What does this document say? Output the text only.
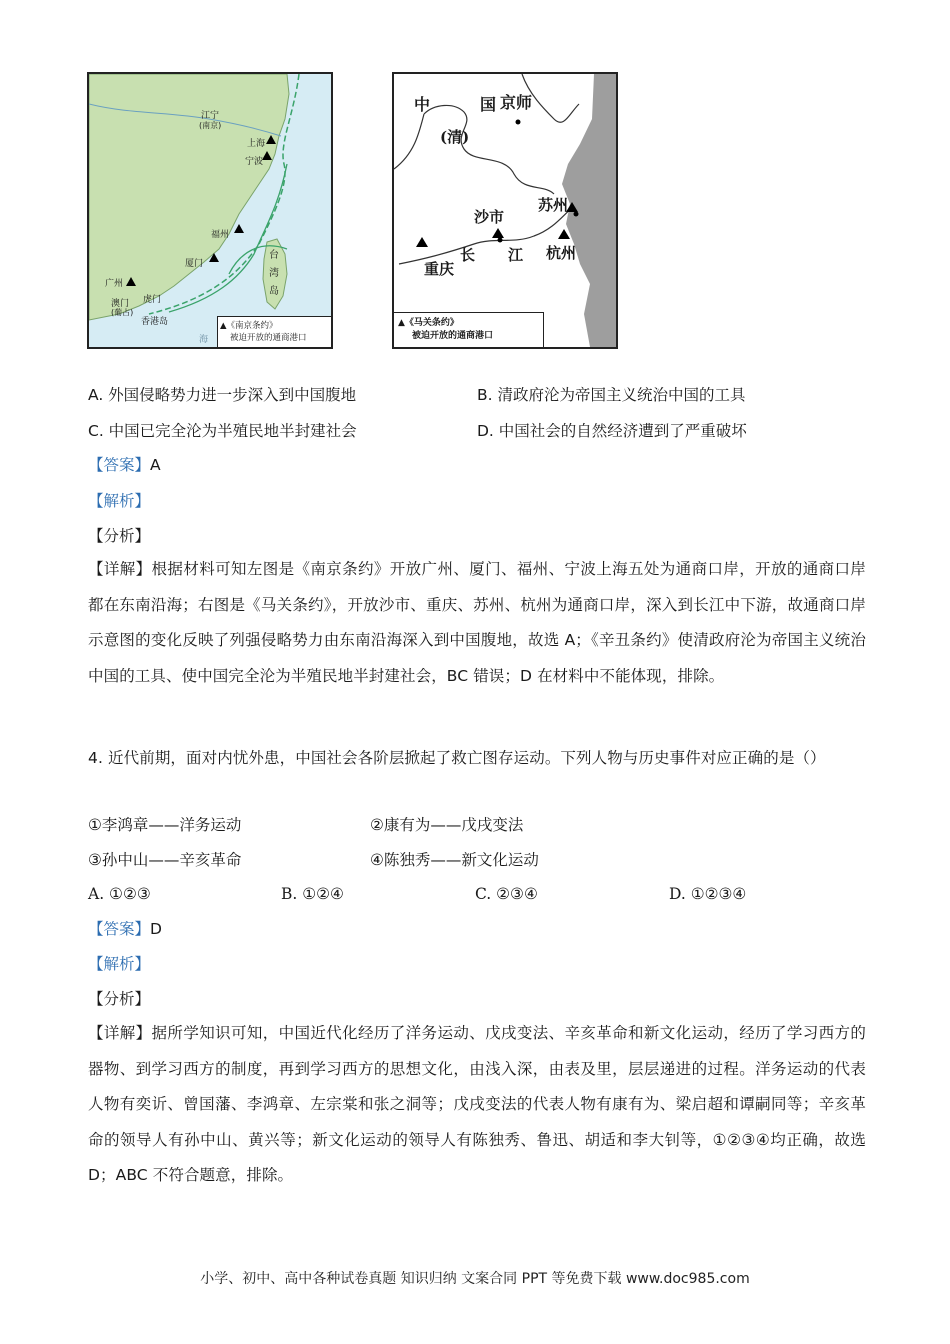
江宁
(南京)
上海
宁波
福州
厦门
广州
澳门
(葡占)
虎门
香港岛
台
湾
岛
海
▲《南京条约》
被迫开放的通商港口
中	国
(清)
京师
苏州
沙市
重庆
长 江 杭州
▲《马关条约》
被迫开放的通商港口
A. 外国侵略势力进一步深入到中国腹地	B. 清政府沦为帝国主义统治中国的工具
C. 中国已完全沦为半殖民地半封建社会	D. 中国社会的自然经济遭到了严重破坏
【答案】A
【解析】
【分析】
【详解】根据材料可知左图是《南京条约》开放广州、厦门、福州、宁波上海五处为通商口岸，开放的通商口岸都在东南沿海；右图是《马关条约》，开放沙市、重庆、苏州、杭州为通商口岸，深入到长江中下游，故通商口岸示意图的变化反映了列强侵略势力由东南沿海深入到中国腹地，故选 A；《辛丑条约》使清政府沦为帝国主义统治中国的工具、使中国完全沦为半殖民地半封建社会，BC 错误；D 在材料中不能体现，排除。
4. 近代前期，面对内忧外患，中国社会各阶层掀起了救亡图存运动。下列人物与历史事件对应正确的是（）
①李鸿章——洋务运动	②康有为——戊戌变法
③孙中山——辛亥革命	④陈独秀——新文化运动
A. ①②③	B. ①②④	C. ②③④	D. ①②③④
【答案】D
【解析】
【分析】
【详解】据所学知识可知，中国近代化经历了洋务运动、戊戌变法、辛亥革命和新文化运动，经历了学习西方的器物、到学习西方的制度，再到学习西方的思想文化，由浅入深，由表及里，层层递进的过程。洋务运动的代表人物有奕䜣、曾国藩、李鸿章、左宗棠和张之洞等；戊戌变法的代表人物有康有为、梁启超和谭嗣同等；辛亥革命的领导人有孙中山、黄兴等；新文化运动的领导人有陈独秀、鲁迅、胡适和李大钊等，①②③④均正确，故选 D；ABC 不符合题意，排除。
小学、初中、高中各种试卷真题 知识归纳 文案合同 PPT 等免费下载 www.doc985.com
